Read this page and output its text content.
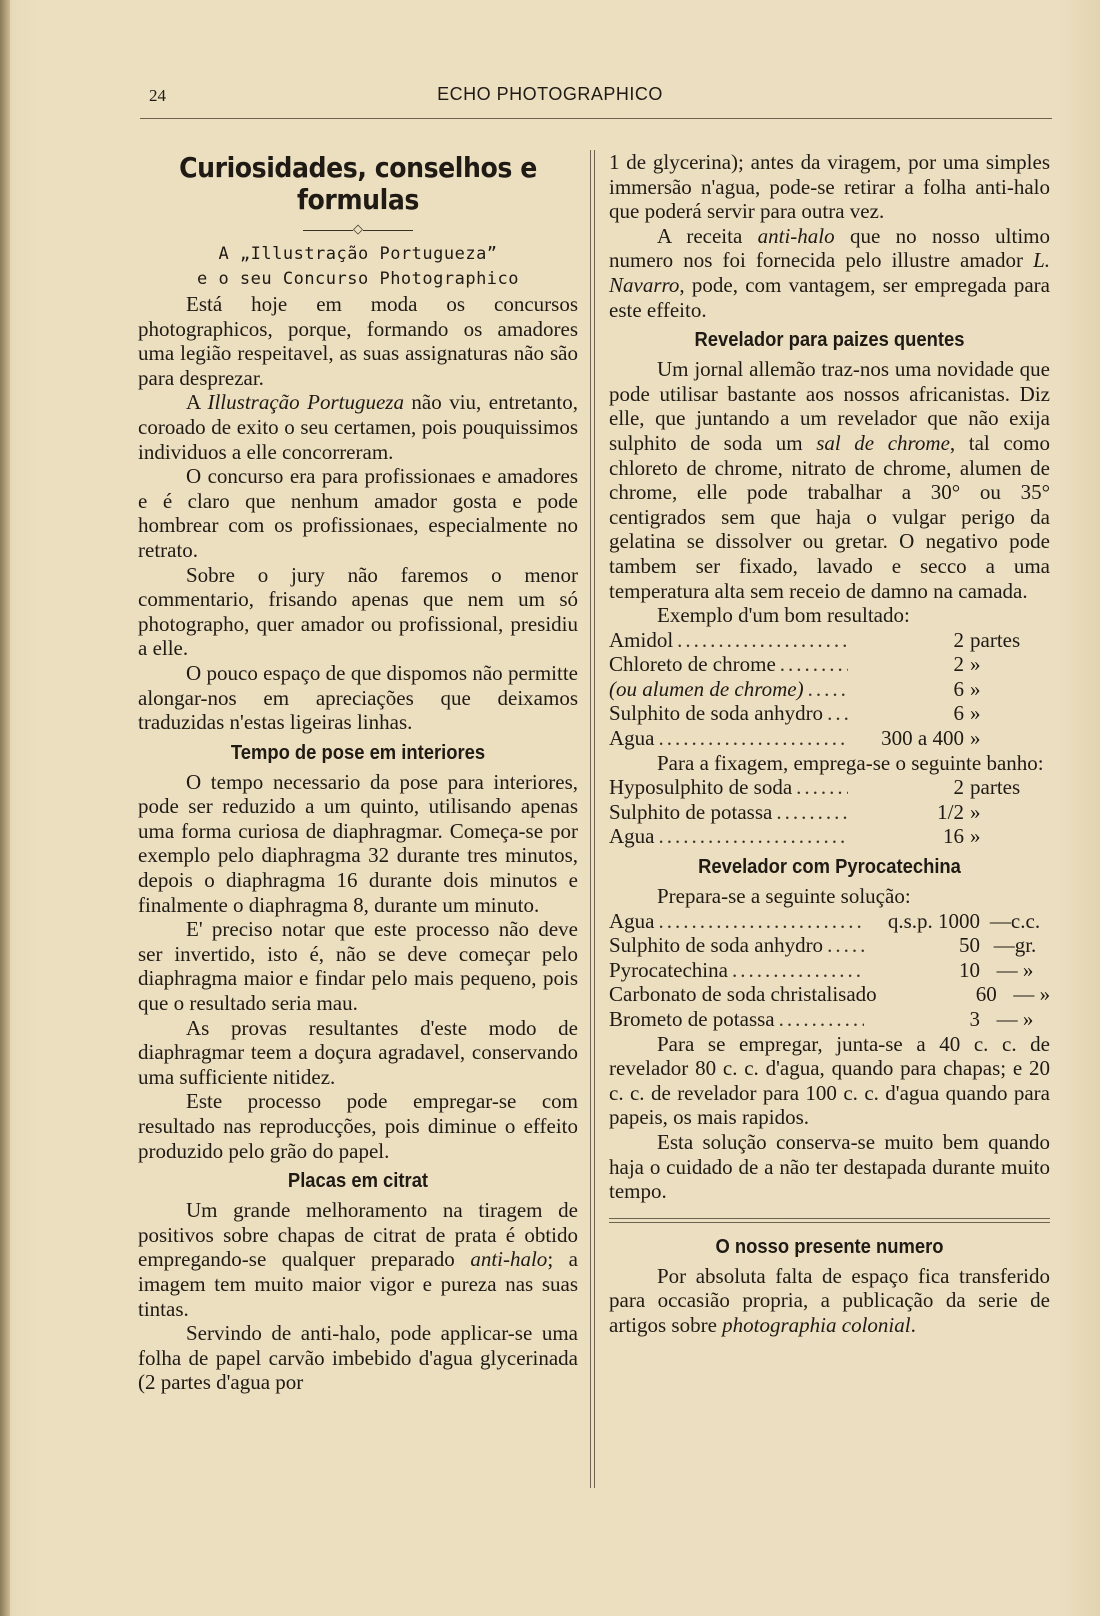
24	ECHO PHOTOGRAPHICO
Curiosidades, conselhos e formulas
◇
A „Illustração Portugueza”
e o seu Concurso Photographico

Está hoje em moda os concursos photographicos, porque, formando os amadores uma legião respeitavel, as suas assignaturas não são para desprezar.

A Illustração Portugueza não viu, entretanto, coroado de exito o seu certamen, pois pouquissimos individuos a elle concorreram.

O concurso era para profissionaes e amadores e é claro que nenhum amador gosta e pode hombrear com os profissionaes, especialmente no retrato.

Sobre o jury não faremos o menor commentario, frisando apenas que nem um só photographo, quer amador ou profissional, presidiu a elle.

O pouco espaço de que dispomos não permitte alongar-nos em apreciações que deixamos traduzidas n'estas ligeiras linhas.

Tempo de pose em interiores

O tempo necessario da pose para interiores, pode ser reduzido a um quinto, utilisando apenas uma forma curiosa de diaphragmar. Começa-se por exemplo pelo diaphragma 32 durante tres minutos, depois o diaphragma 16 durante dois minutos e finalmente o diaphragma 8, durante um minuto.

E' preciso notar que este processo não deve ser invertido, isto é, não se deve começar pelo diaphragma maior e findar pelo mais pequeno, pois que o resultado seria mau.

As provas resultantes d'este modo de diaphragmar teem a doçura agradavel, conservando uma sufficiente nitidez.

Este processo pode empregar-se com resultado nas reproducções, pois diminue o effeito produzido pelo grão do papel.

Placas em citrat

Um grande melhoramento na tiragem de positivos sobre chapas de citrat de prata é obtido empregando-se qualquer preparado anti-halo; a imagem tem muito maior vigor e pureza nas suas tintas.

Servindo de anti-halo, pode applicar-se uma folha de papel carvão imbebido d'agua glycerinada (2 partes d'agua por

1 de glycerina); antes da viragem, por uma simples immersão n'agua, pode-se retirar a folha anti-halo que poderá servir para outra vez.

A receita anti-halo que no nosso ultimo numero nos foi fornecida pelo illustre amador L. Navarro, pode, com vantagem, ser empregada para este effeito.

Revelador para paizes quentes

Um jornal allemão traz-nos uma novidade que pode utilisar bastante aos nossos africanistas. Diz elle, que juntando a um revelador que não exija sulphito de soda um sal de chrome, tal como chloreto de chrome, nitrato de chrome, alumen de chrome, elle pode trabalhar a 30° ou 35° centigrados sem que haja o vulgar perigo da gelatina se dissolver ou gretar. O negativo pode tambem ser fixado, lavado e secco a uma temperatura alta sem receio de damno na camada.

Exemplo d'um bom resultado:

Amidol .....	2 partes
Chloreto de chrome .....	2 »
(ou alumen de chrome) .....	6 »
Sulphito de soda anhydro .....	6 »
Agua .....	300 a 400 »

Para a fixagem, emprega-se o seguinte banho:

Hyposulphito de soda .....	2 partes
Sulphito de potassa .....	1/2 »
Agua .....	16 »
Revelador com Pyrocatechina

Prepara-se a seguinte solução:

Agua .....	q.s.p. 1000 —c.c.
Sulphito de soda anhydro .....	50 —gr.
Pyrocatechina .....	10 — »
Carbonato de soda christalisado	60 — »
Brometo de potassa .....	3 — »

Para se empregar, junta-se a 40 c. c. de revelador 80 c. c. d'agua, quando para chapas; e 20 c. c. de revelador para 100 c. c. d'agua quando para papeis, os mais rapidos.

Esta solução conserva-se muito bem quando haja o cuidado de a não ter destapada durante muito tempo.

O nosso presente numero

Por absoluta falta de espaço fica transferido para occasião propria, a publicação da serie de artigos sobre photographia colonial.
